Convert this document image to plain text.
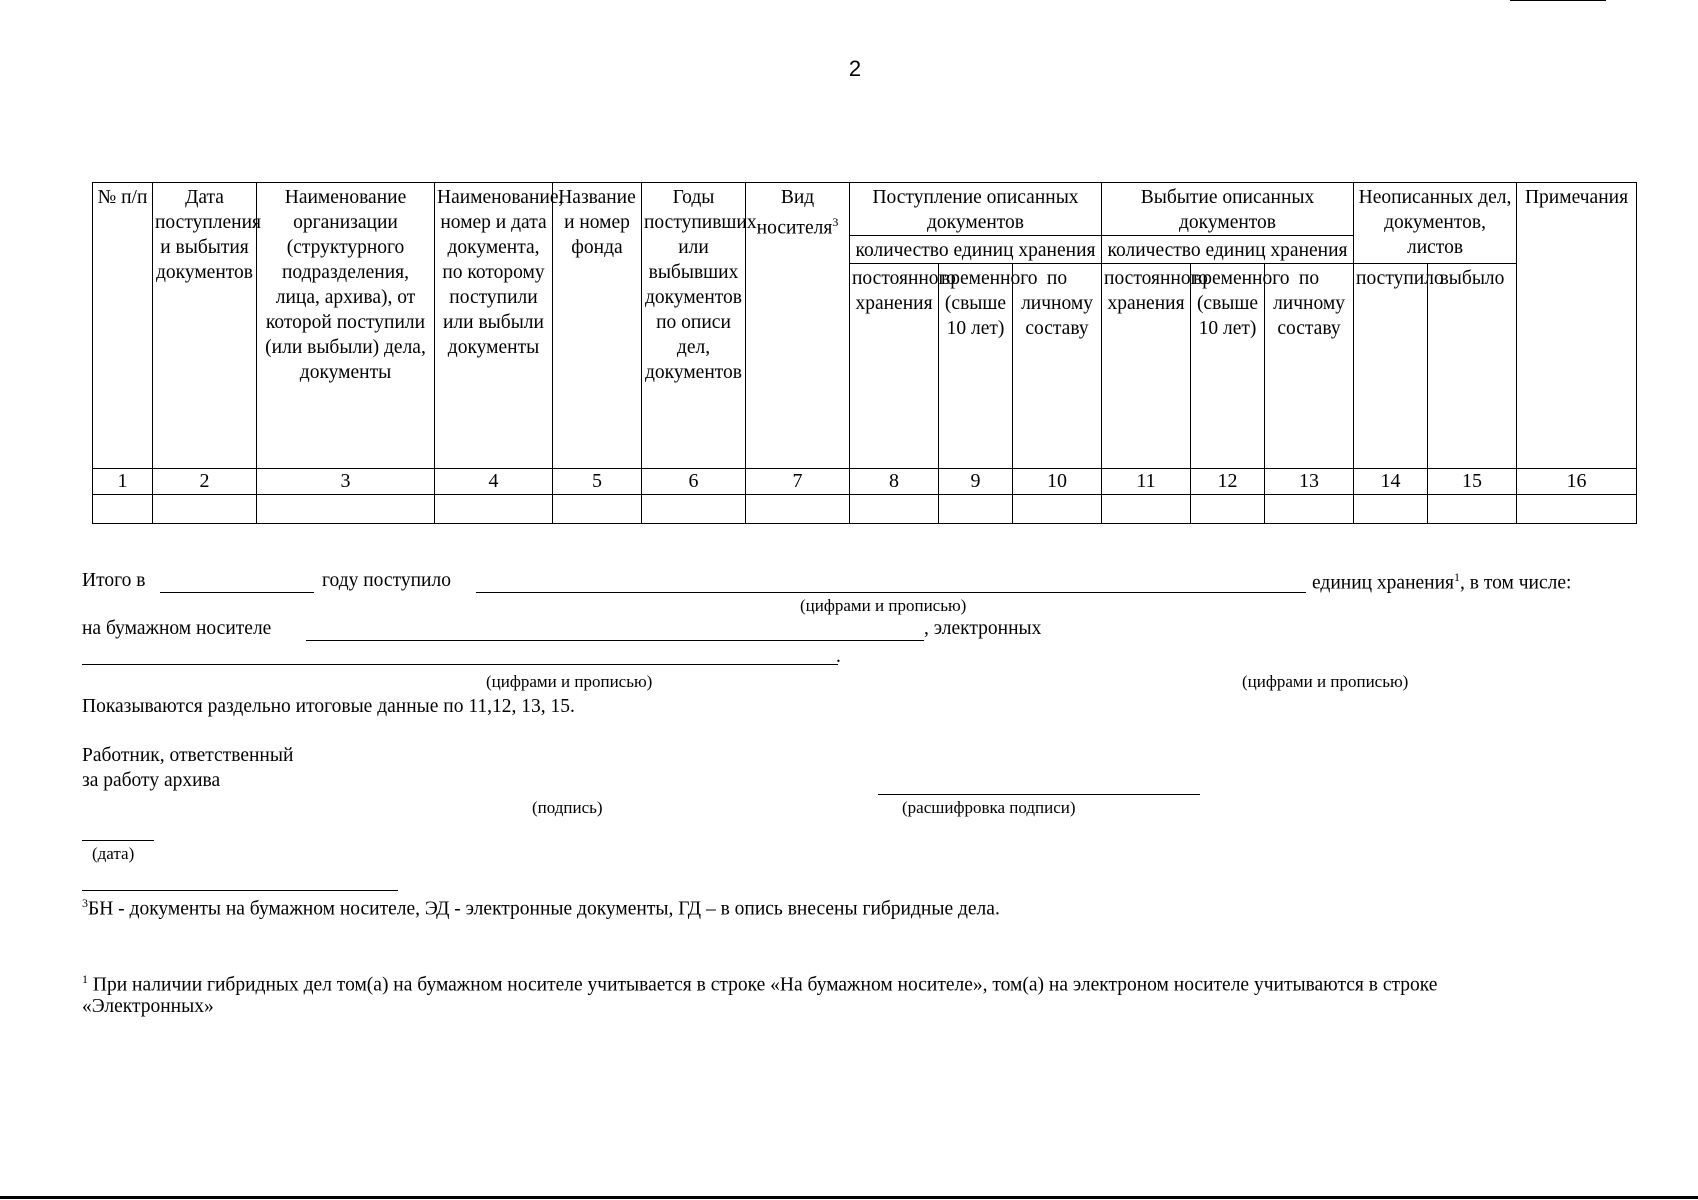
2
№ п/п	Дата поступления и выбытия документов	Наименование организации (структурного подразделения, лица, архива), от которой поступили (или выбыли) дела, документы	Наименование, номер и дата документа, по которому поступили или выбыли документы	Название и номер фонда	Годы поступивших или выбывших документов по описи дел, документов	Вид носителя$^3$	Поступление описанных документов			Выбытие описанных документов			Неописанных дел, документов, листов		Примечания
							количество единиц хранения			количество единиц хранения					
							постоянного хранения	временного (свыше 10 лет)	по личному составу	постоянного хранения	временного (свыше 10 лет)	по личному составу	поступило	выбыло	
1	2	3	4	5	6	7	8	9	10	11	12	13	14	15	16

Итого в	году поступило	единиц хранения$^1$, в том числе:
(цифрами и прописью)
на бумажном носителе	, электронных
.
(цифрами и прописью)	(цифрами и прописью)
Показываются раздельно итоговые данные по 11,12, 13, 15.
Работник, ответственный
за работу архива
(подпись)	(расшифровка подписи)
(дата)
$^3$БН - документы на бумажном носителе, ЭД - электронные документы, ГД – в опись внесены гибридные дела.
$^1$ При наличии гибридных дел том(а) на бумажном носителе учитывается в строке «На бумажном носителе», том(а) на электроном носителе учитываются в строке
«Электронных»
